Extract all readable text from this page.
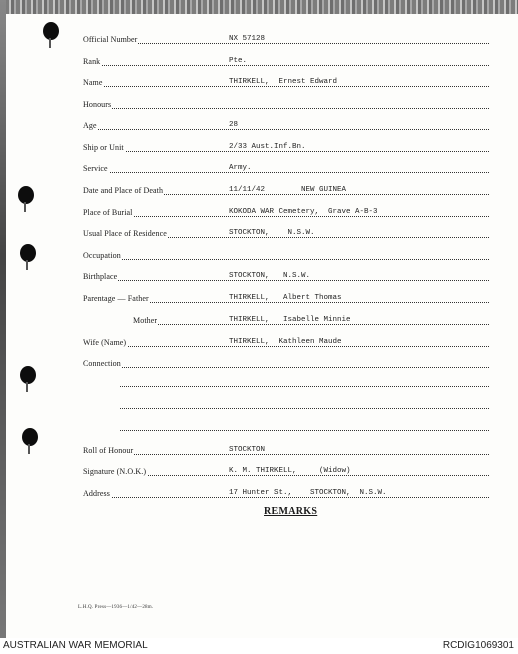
Official Number	NX 57128
Rank	Pte.
Name	THIRKELL,  Ernest Edward
Honours
Age	28
Ship or Unit	2/33 Aust.Inf.Bn.
Service	Army.
Date and Place of Death	11/11/42        NEW GUINEA
Place of Burial	KOKODA WAR Cemetery,  Grave A-B-3
Usual Place of Residence	STOCKTON,    N.S.W.
Occupation
Birthplace	STOCKTON,   N.S.W.
Parentage — Father	THIRKELL,   Albert Thomas
Mother	THIRKELL,   Isabelle Minnie
Wife (Name)	THIRKELL,  Kathleen Maude
Connection
Roll of Honour	STOCKTON
Signature (N.O.K.)	K. M. THIRKELL,     (Widow)
Address	17 Hunter St.,    STOCKTON,  N.S.W.
REMARKS
L.H.Q. Press—1936—1/42—28m.
AUSTRALIAN WAR MEMORIAL	RCDIG1069301
